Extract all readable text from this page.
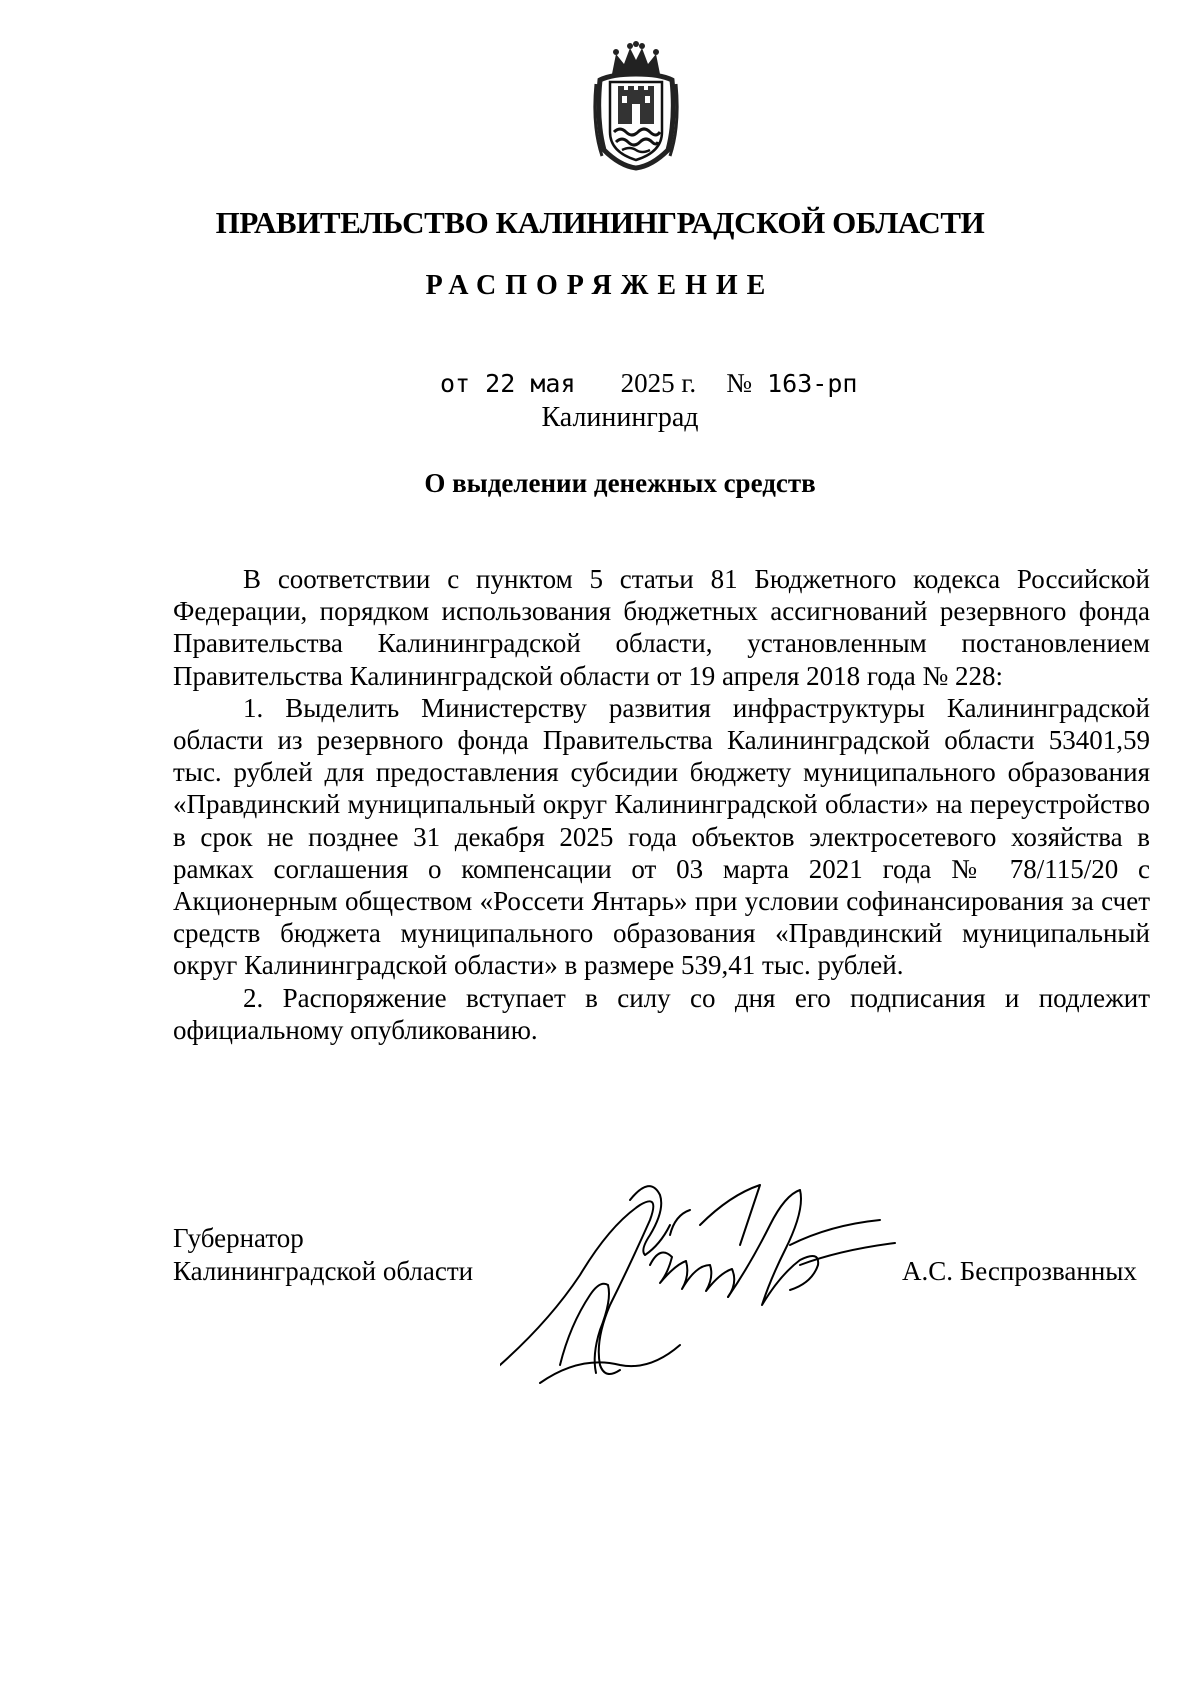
ПРАВИТЕЛЬСТВО КАЛИНИНГРАДСКОЙ ОБЛАСТИ
РАСПОРЯЖЕНИЕ
от 22 мая 2025 г. № 163-рп
Калининград
О выделении денежных средств

В соответствии с пунктом 5 статьи 81 Бюджетного кодекса Российской Федерации, порядком использования бюджетных ассигнований резервного фонда Правительства Калининградской области, установленным постановлением Правительства Калининградской области от 19 апреля 2018 года № 228:

1. Выделить Министерству развития инфраструктуры Калининградской области из резервного фонда Правительства Калининградской области 53401,59 тыс. рублей для предоставления субсидии бюджету муниципального образования «Правдинский муниципальный округ Калининградской области» на переустройство в срок не позднее 31 декабря 2025 года объектов электросетевого хозяйства в рамках соглашения о компенсации от 03 марта 2021 года № 78/115/20 с Акционерным обществом «Россети Янтарь» при условии софинансирования за счет средств бюджета муниципального образования «Правдинский муниципальный округ Калининградской области» в размере 539,41 тыс. рублей.

2. Распоряжение вступает в силу со дня его подписания и подлежит официальному опубликованию.

Губернатор
Калининградской области	А.С. Беспрозванных
